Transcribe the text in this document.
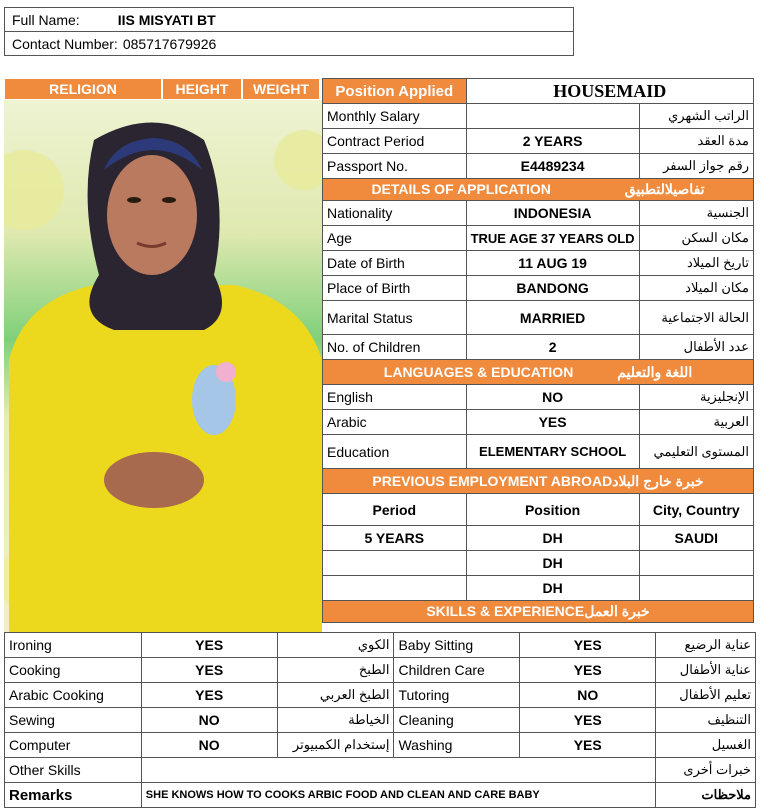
Full Name:	IIS MISYATI BT
Contact Number: 085717679926
RELIGION	HEIGHT	WEIGHT	Position Applied	HOUSEMAID	
Monthly Salary		الراتب الشهري
Contract Period	2 YEARS	مدة العقد
Passport No.	E4489234	رقم جواز السفر
DETAILS OF APPLICATION تفاصيلالتطبيق		
Nationality	INDONESIA	الجنسية
Age	TRUE AGE 37 YEARS OLD	مكان السكن
Date of Birth	11 AUG 19	تاريخ الميلاد
Place of Birth	BANDONG	مكان الميلاد
Marital Status	MARRIED	الحالة الاجتماعية
No. of Children	2	عدد الأطفال
LANGUAGES & EDUCATION اللغة والتعليم		
English	NO	الإنجليزية
Arabic	YES	العربية
Education	ELEMENTARY SCHOOL	المستوى التعليمي
PREVIOUS EMPLOYMENT ABROADخبرة خارج البلاد		
Period	Position	City, Country
5 YEARS	DH	SAUDI
	DH	
	DH	
SKILLS & EXPERIENCEخبرة العمل		
Ironing	YES	الكوي	Baby Sitting	YES	عناية الرضيع
Cooking	YES	الطبخ	Children Care	YES	عناية الأطفال
Arabic Cooking	YES	الطبخ العربي	Tutoring	NO	تعليم الأطفال
Sewing	NO	الخياطة	Cleaning	YES	التنظيف
Computer	NO	إستخدام الكمبيوتر	Washing	YES	الغسيل
Other Skills					خبرات أخرى
Remarks	SHE KNOWS HOW TO COOKS ARBIC FOOD AND CLEAN AND CARE BABY				ملاحظات
